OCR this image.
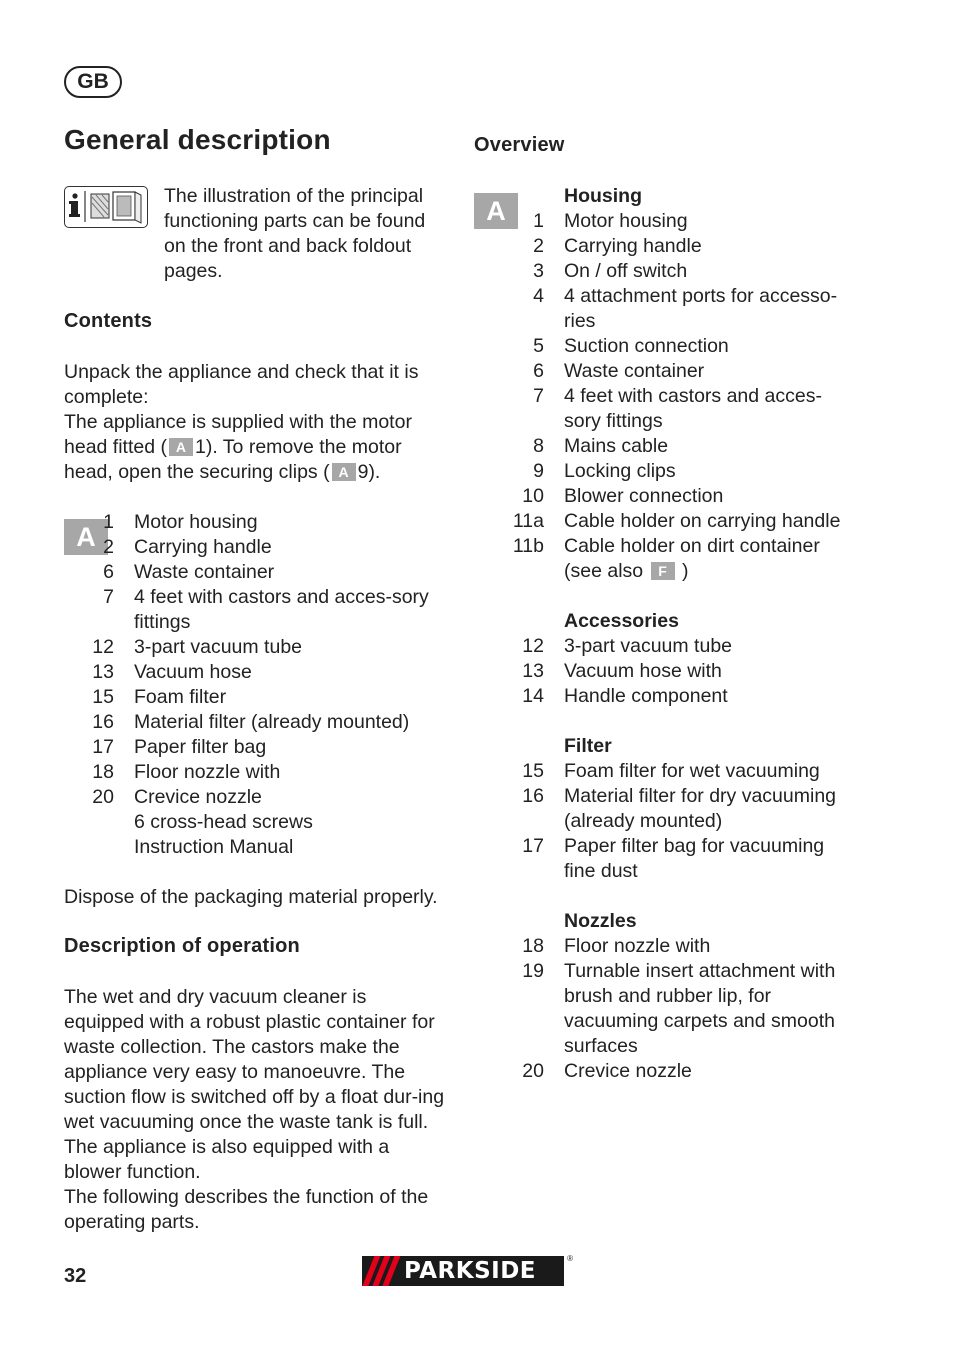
GB
General description
The illustration of the principal functioning parts can be found on the front and back foldout pages.
Contents
Unpack the appliance and check that it is complete:
The appliance is supplied with the motor head fitted ( A 1). To remove the motor head, open the securing clips ( A 9).
A 1	Motor housing
2	Carrying handle
6	Waste container
7	4 feet with castors and acces-sory fittings
12	3-part vacuum tube
13	Vacuum hose
15	Foam filter
16	Material filter (already mounted)
17	Paper filter bag
18	Floor nozzle with
20	Crevice nozzle
6 cross-head screws
Instruction Manual
Dispose of the packaging material properly.
Description of operation
The wet and dry vacuum cleaner is equipped with a robust plastic container for waste collection. The castors make the appliance very easy to manoeuvre. The suction flow is switched off by a float dur-ing wet vacuuming once the waste tank is full. The appliance is also equipped with a blower function.
The following describes the function of the operating parts.
Overview
A	Housing
1	Motor housing
2	Carrying handle
3	On / off switch
4	4 attachment ports for accesso-ries
5	Suction connection
6	Waste container
7	4 feet with castors and acces-sory fittings
8	Mains cable
9	Locking clips
10	Blower connection
11a	Cable holder on carrying handle
11b	Cable holder on dirt container
(see also F )
Accessories
12	3-part vacuum tube
13	Vacuum hose with
14	Handle component
Filter
15	Foam filter for wet vacuuming
16	Material filter for dry vacuuming (already mounted)
17	Paper filter bag for vacuuming fine dust
Nozzles
18	Floor nozzle with
19	Turnable insert attachment with brush and rubber lip, for vacuuming carpets and smooth surfaces
20	Crevice nozzle
32	PARKSIDE	®
